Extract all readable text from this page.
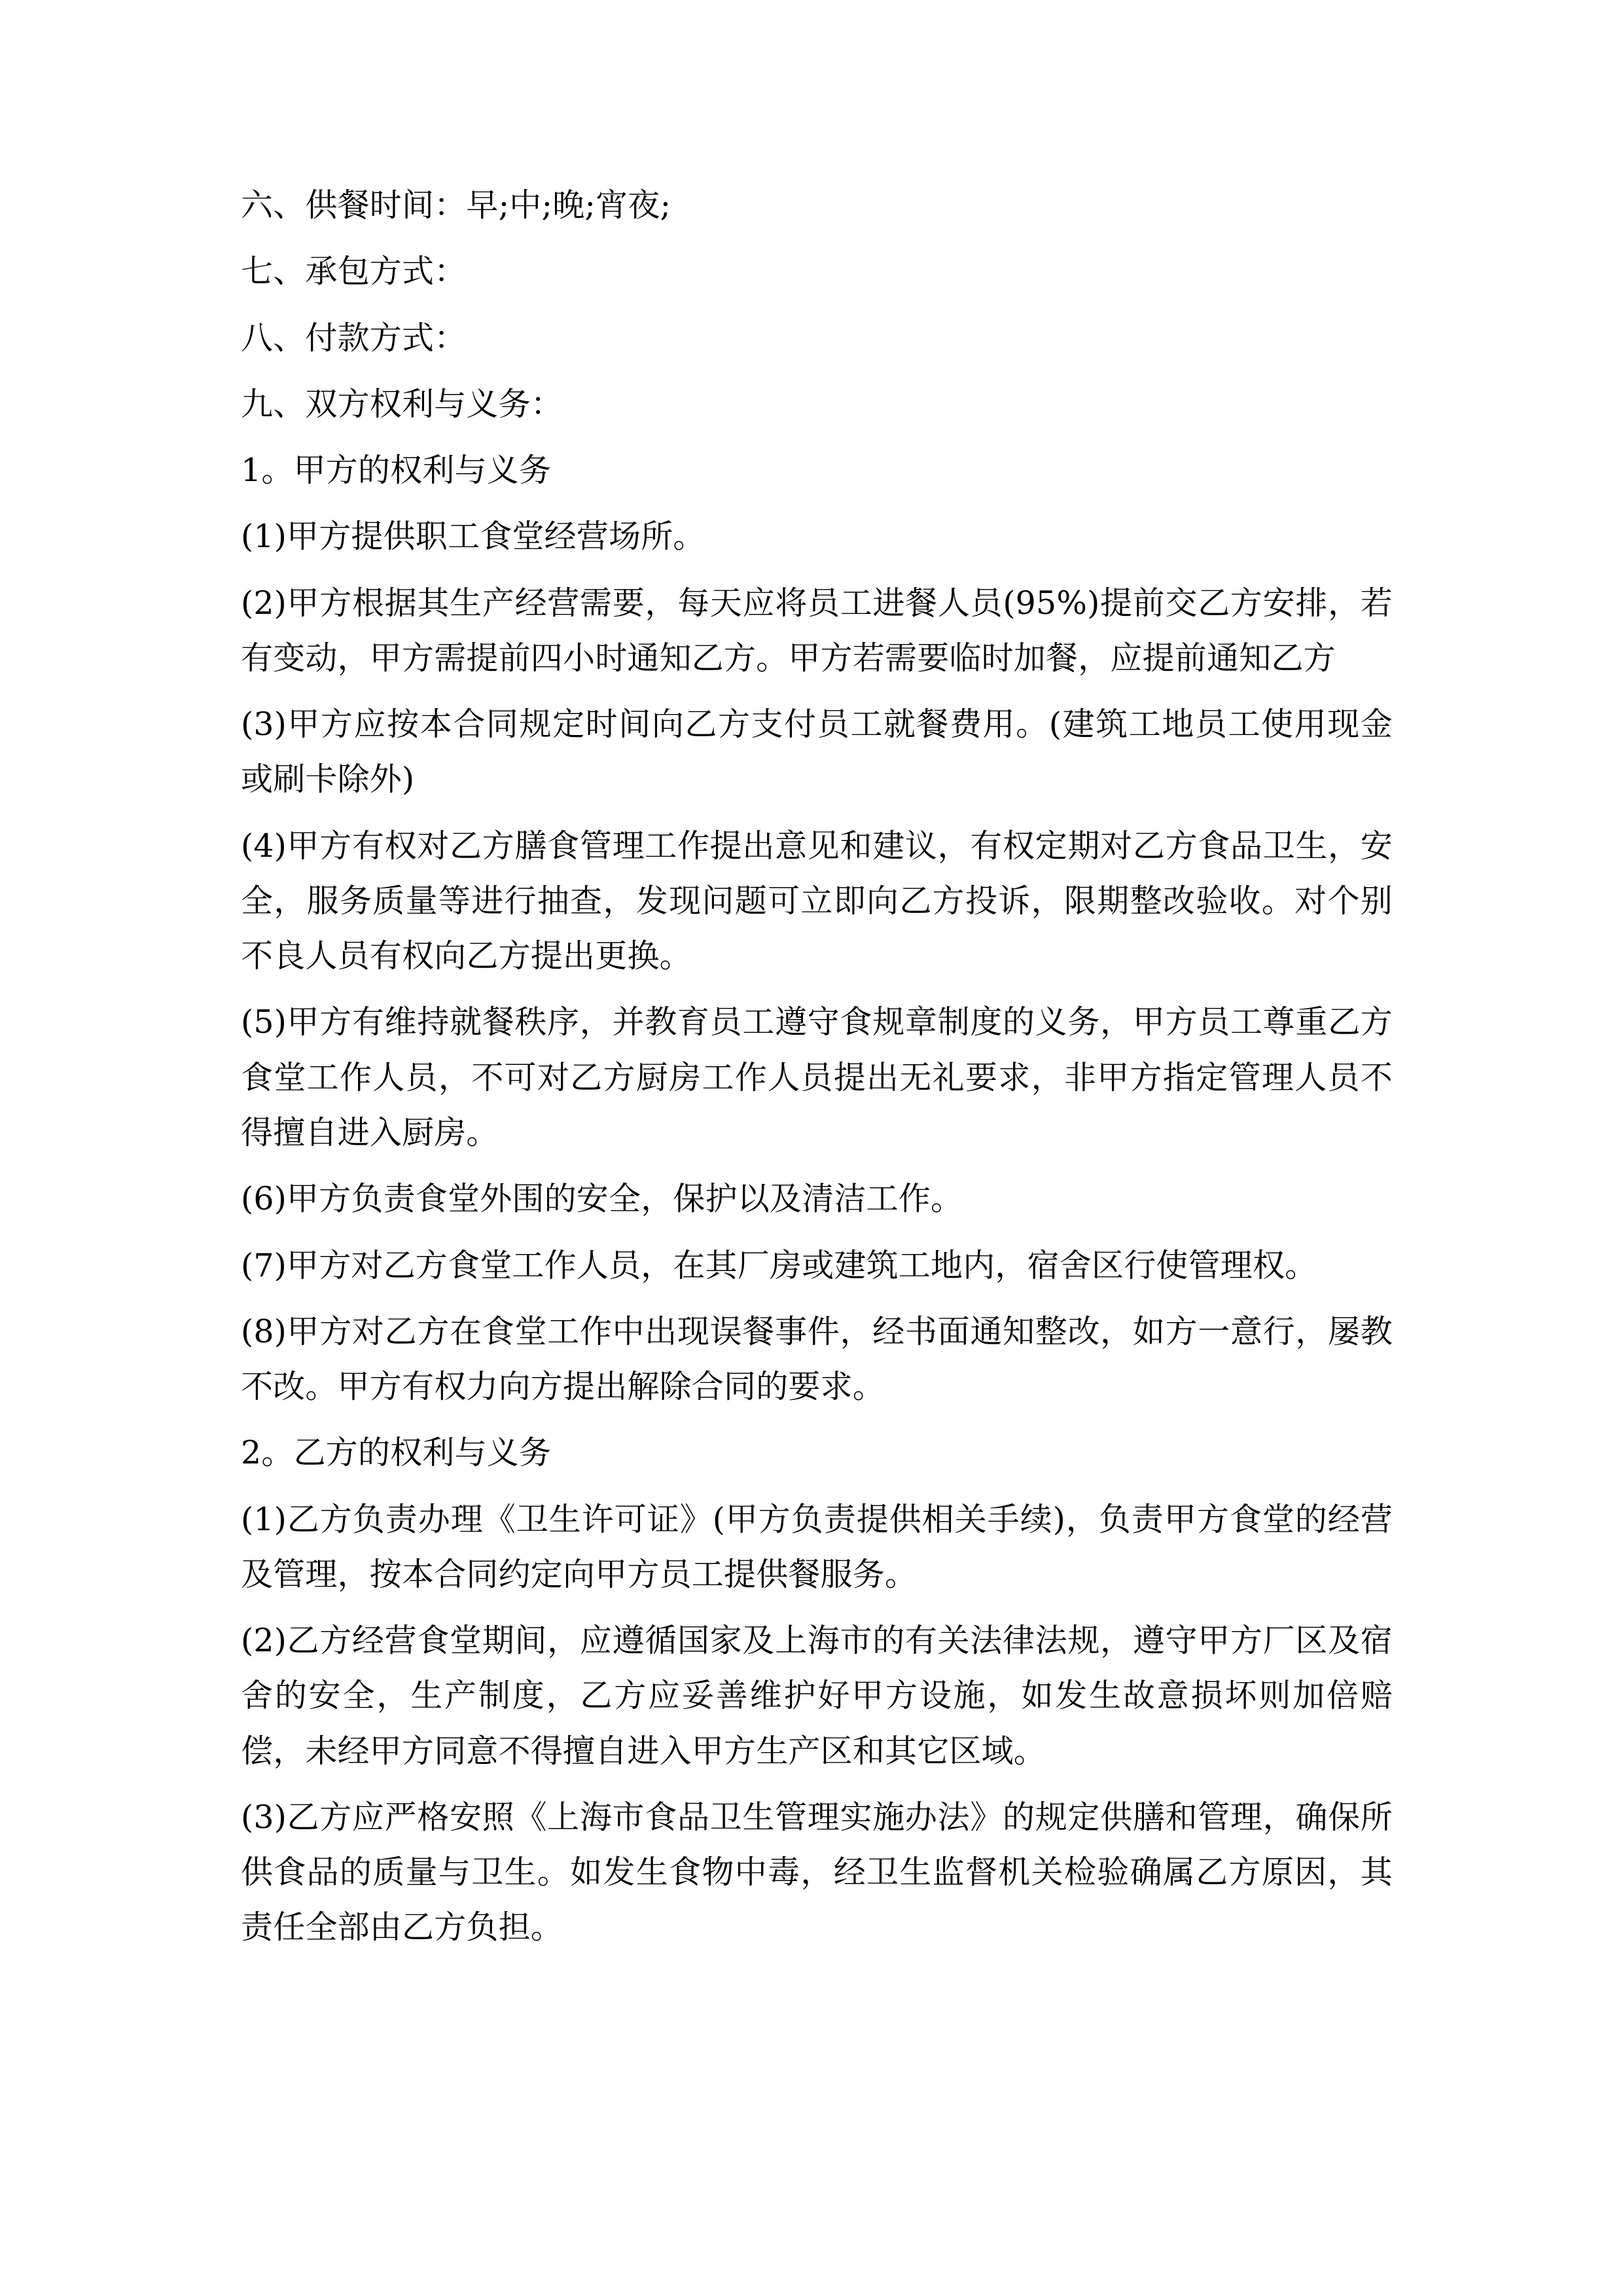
六、供餐时间：早;中;晚;宵夜;

七、承包方式：

八、付款方式：

九、双方权利与义务：

1。甲方的权利与义务

(1)甲方提供职工食堂经营场所。

(2)甲方根据其生产经营需要，每天应将员工进餐人员(95%)提前交乙方安排，若有变动，甲方需提前四小时通知乙方。甲方若需要临时加餐，应提前通知乙方

(3)甲方应按本合同规定时间向乙方支付员工就餐费用。(建筑工地员工使用现金或刷卡除外)

(4)甲方有权对乙方膳食管理工作提出意见和建议，有权定期对乙方食品卫生，安全，服务质量等进行抽查，发现问题可立即向乙方投诉，限期整改验收。对个别不良人员有权向乙方提出更换。

(5)甲方有维持就餐秩序，并教育员工遵守食规章制度的义务，甲方员工尊重乙方食堂工作人员，不可对乙方厨房工作人员提出无礼要求，非甲方指定管理人员不得擅自进入厨房。

(6)甲方负责食堂外围的安全，保护以及清洁工作。

(7)甲方对乙方食堂工作人员，在其厂房或建筑工地内，宿舍区行使管理权。

(8)甲方对乙方在食堂工作中出现误餐事件，经书面通知整改，如方一意行，屡教不改。甲方有权力向方提出解除合同的要求。

2。乙方的权利与义务

(1)乙方负责办理《卫生许可证》(甲方负责提供相关手续)，负责甲方食堂的经营及管理，按本合同约定向甲方员工提供餐服务。

(2)乙方经营食堂期间，应遵循国家及上海市的有关法律法规，遵守甲方厂区及宿舍的安全，生产制度，乙方应妥善维护好甲方设施，如发生故意损坏则加倍赔偿，未经甲方同意不得擅自进入甲方生产区和其它区域。

(3)乙方应严格安照《上海市食品卫生管理实施办法》的规定供膳和管理，确保所供食品的质量与卫生。如发生食物中毒，经卫生监督机关检验确属乙方原因，其责任全部由乙方负担。
